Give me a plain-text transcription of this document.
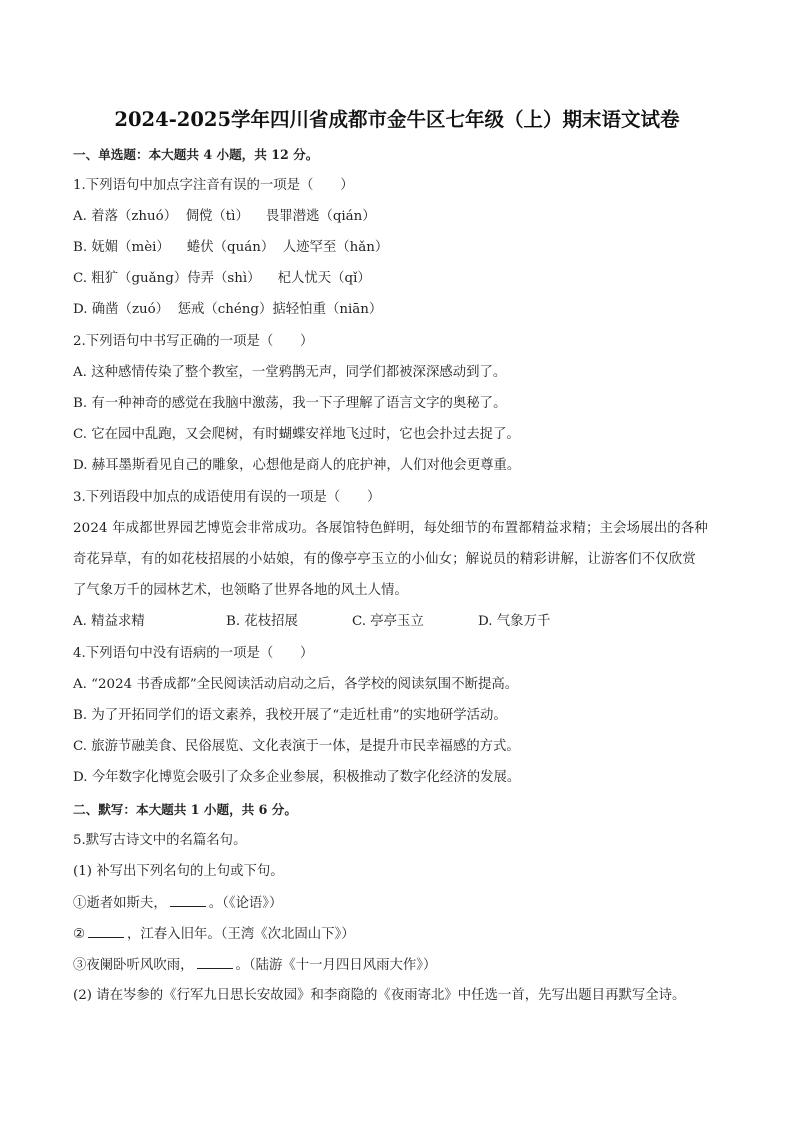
2024-2025学年四川省成都市金牛区七年级（上）期末语文试卷
一、单选题：本大题共 4 小题，共 12 分。
1.下列语句中加点字注音有误的一项是（　　）
A. 着落（zhuó）  倜傥（tì）    畏罪潜逃（qián）
B. 妩媚（mèi）    蜷伏（quán）  人迹罕至（hǎn）
C. 粗犷（guǎng）侍弄（shì）    杞人忧天（qǐ）
D. 确凿（zuó）  惩戒（chéng）掂轻怕重（niān）
2.下列语句中书写正确的一项是（　　）
A. 这种感情传染了整个教室，一堂鸦鹊无声，同学们都被深深感动到了。
B. 有一种神奇的感觉在我脑中激荡，我一下子理解了语言文字的奥秘了。
C. 它在园中乱跑，又会爬树，有时蝴蝶安祥地飞过时，它也会扑过去捉了。
D. 赫耳墨斯看见自己的雕象，心想他是商人的庇护神，人们对他会更尊重。
3.下列语段中加点的成语使用有误的一项是（　　）
2024 年成都世界园艺博览会非常成功。各展馆特色鲜明，每处细节的布置都精益求精；主会场展出的各种
奇花异草，有的如花枝招展的小姑娘，有的像亭亭玉立的小仙女；解说员的精彩讲解，让游客们不仅欣赏
了气象万千的园林艺术，也领略了世界各地的风土人情。
A. 精益求精	B. 花枝招展	C. 亭亭玉立	D. 气象万千
4.下列语句中没有语病的一项是（　　）
A. “2024 书香成都”全民阅读活动启动之后，各学校的阅读氛围不断提高。
B. 为了开拓同学们的语文素养，我校开展了“走近杜甫”的实地研学活动。
C. 旅游节融美食、民俗展览、文化表演于一体，是提升市民幸福感的方式。
D. 今年数字化博览会吸引了众多企业参展，积极推动了数字化经济的发展。
二、默写：本大题共 1 小题，共 6 分。
5.默写古诗文中的名篇名句。
(1) 补写出下列名句的上句或下句。
①逝者如斯夫，	。（《论语》）
②	，江春入旧年。（王湾《次北固山下》）
③夜阑卧听风吹雨，	。（陆游《十一月四日风雨大作》）
(2) 请在岑参的《行军九日思长安故园》和李商隐的《夜雨寄北》中任选一首，先写出题目再默写全诗。
